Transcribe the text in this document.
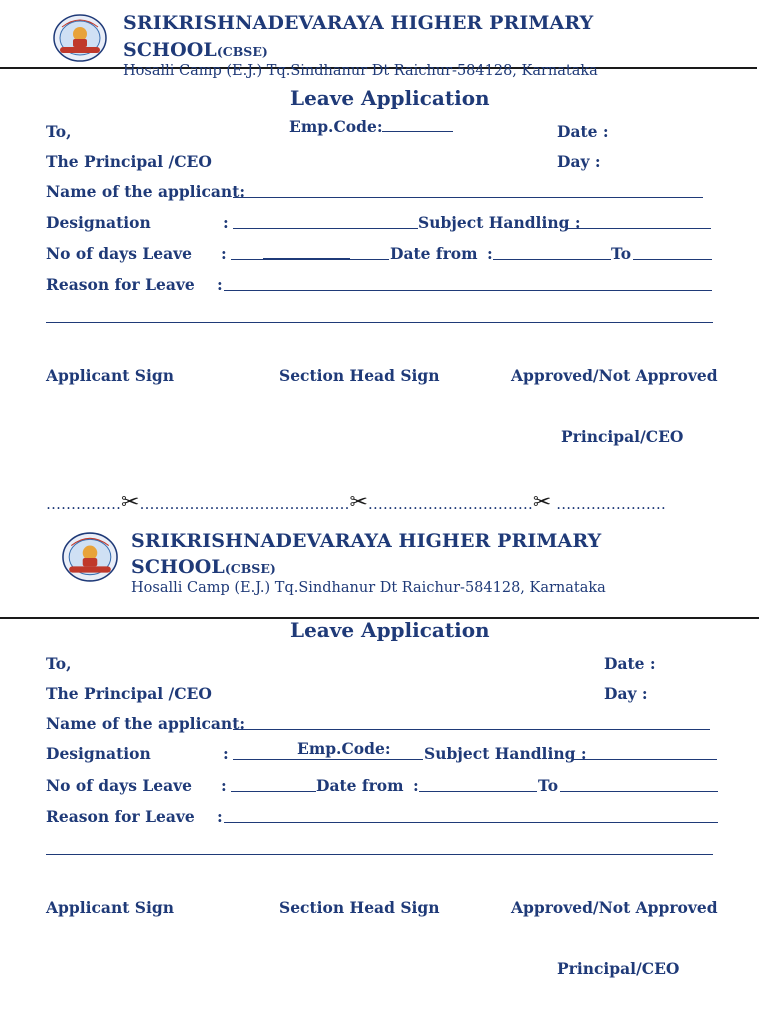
SRIKRISHNADEVARAYA HIGHER PRIMARY
SCHOOL(CBSE)
Hosalli Camp (E.J.) Tq.Sindhanur Dt Raichur-584128, Karnataka
Leave Application
To,	Emp.Code:	Date :
The Principal /CEO	Day :
Name of the applicant:
Designation	:	Subject Handling :
No of days Leave :	Date from :	To
Reason for Leave :
Applicant Sign	Section Head Sign	Approved/Not Approved
Principal/CEO
……………✂……………………………………✂……………………………✂ ….………………
SRIKRISHNADEVARAYA HIGHER PRIMARY
SCHOOL(CBSE)
Hosalli Camp (E.J.) Tq.Sindhanur Dt Raichur-584128, Karnataka
Leave Application
To,	Date :
The Principal /CEO	Day :
Name of the applicant:
Designation	:	Emp.Code: Subject Handling :
No of days Leave :	Date from :	To
Reason for Leave :
Applicant Sign	Section Head Sign	Approved/Not Approved
Principal/CEO
